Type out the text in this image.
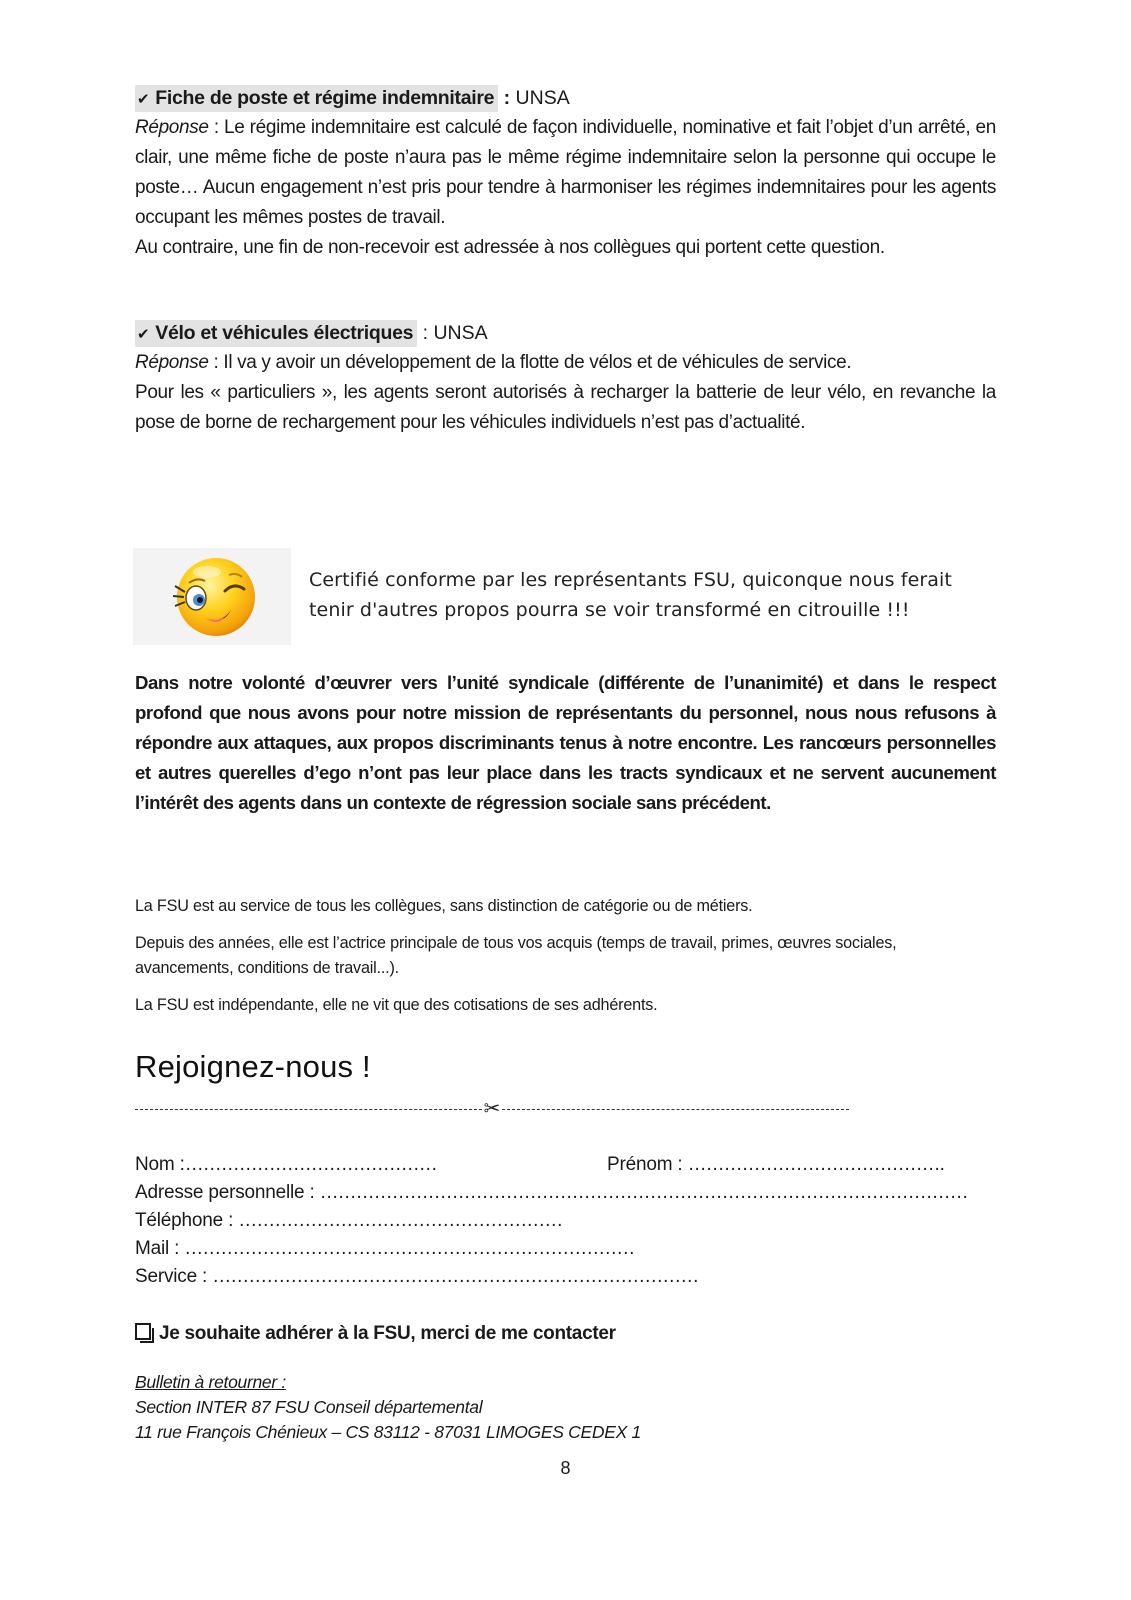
✔ Fiche de poste et régime indemnitaire : UNSA
Réponse : Le régime indemnitaire est calculé de façon individuelle, nominative et fait l’objet d’un arrêté, en clair, une même fiche de poste n’aura pas le même régime indemnitaire selon la personne qui occupe le poste… Aucun engagement n’est pris pour tendre à harmoniser les régimes indemnitaires pour les agents occupant les mêmes postes de travail.
Au contraire, une fin de non-recevoir est adressée à nos collègues qui portent cette question.
✔ Vélo et véhicules électriques : UNSA
Réponse : Il va y avoir un développement de la flotte de vélos et de véhicules de service.
Pour les « particuliers », les agents seront autorisés à recharger la batterie de leur vélo, en revanche la pose de borne de rechargement pour les véhicules individuels n’est pas d’actualité.
Certifié conforme par les représentants FSU, quiconque nous ferait
tenir d'autres propos pourra se voir transformé en citrouille !!!
Dans notre volonté d’œuvrer vers l’unité syndicale (différente de l’unanimité) et dans le respect profond que nous avons pour notre mission de représentants du personnel, nous nous refusons à répondre aux attaques, aux propos discriminants tenus à notre encontre. Les rancœurs personnelles et autres querelles d’ego n’ont pas leur place dans les tracts syndicaux et ne servent aucunement l’intérêt des agents dans un contexte de régression sociale sans précédent.
La FSU est au service de tous les collègues, sans distinction de catégorie ou de métiers.
Depuis des années, elle est l’actrice principale de tous vos acquis (temps de travail, primes, œuvres sociales, avancements, conditions de travail...).
La FSU est indépendante, elle ne vit que des cotisations de ses adhérents.
Rejoignez-nous !
✂
Nom :……………………………………	Prénom : …………………………………….
Adresse personnelle : ………………………………………………………………………………………………
Téléphone : ………………………………………………
Mail : …………………………………………………………………
Service : ………………………………………………………………………
Je souhaite adhérer à la FSU, merci de me contacter
Bulletin à retourner :
Section INTER 87 FSU Conseil départemental
11 rue François Chénieux – CS 83112 - 87031 LIMOGES CEDEX 1
8
